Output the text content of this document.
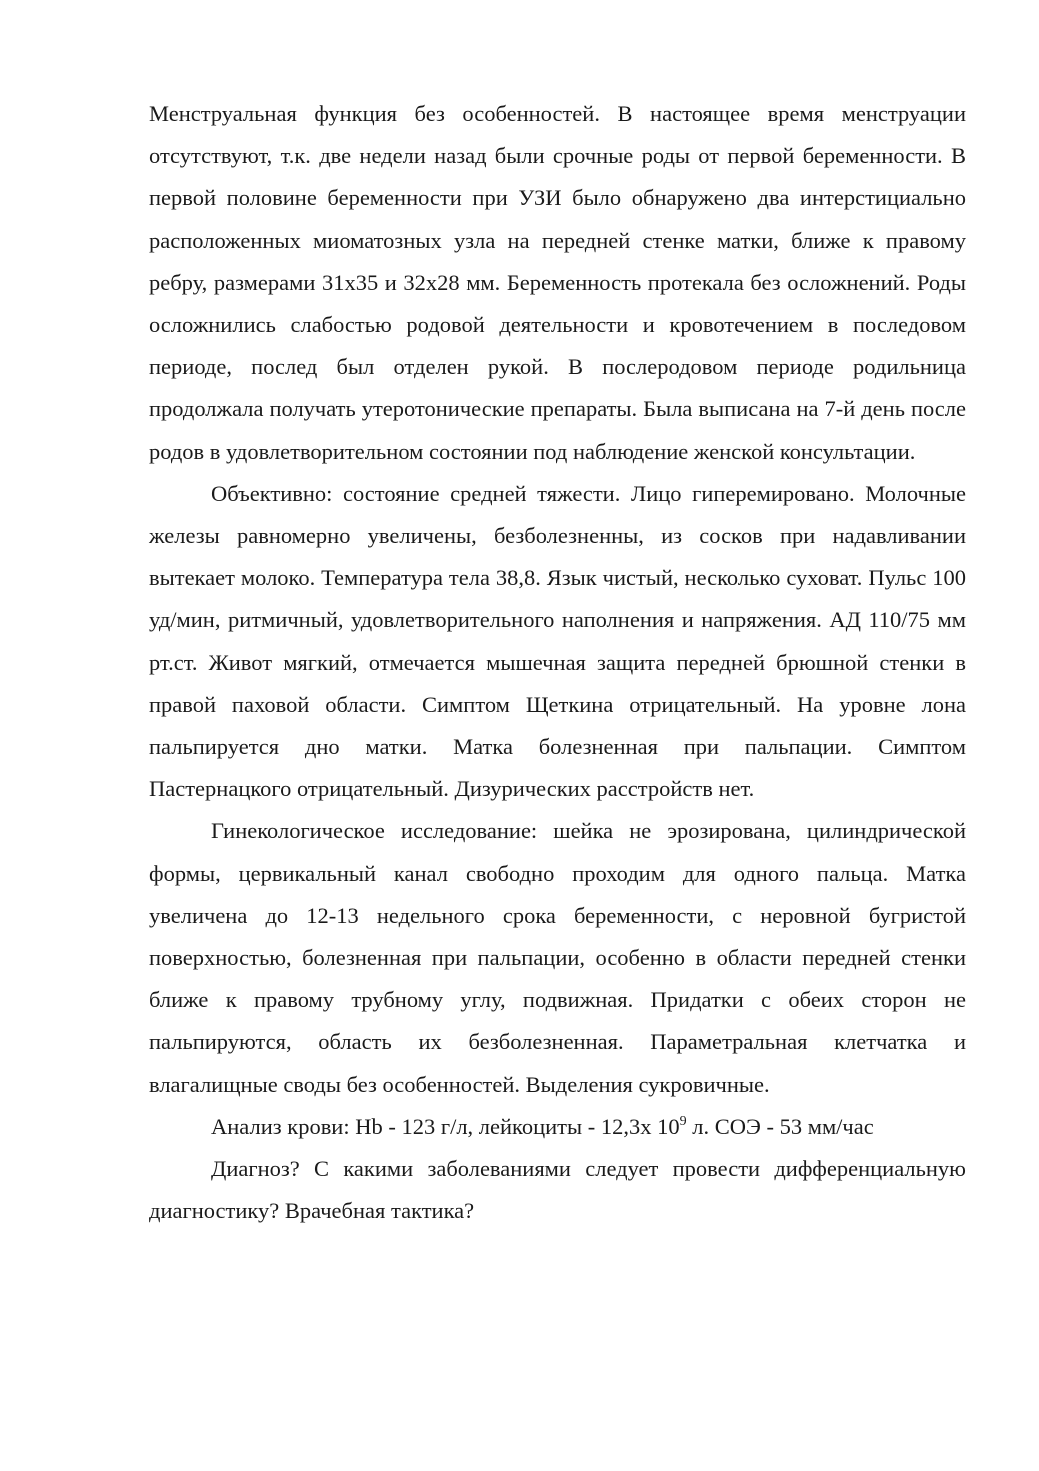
Менструальная функция без особенностей. В настоящее время менструации отсутствуют, т.к. две недели назад были срочные роды от первой беременности. В первой половине беременности при УЗИ было обнаружено два интерстициально расположенных миоматозных узла на передней стенке матки, ближе к правому ребру, размерами 31х35 и 32х28 мм. Беременность протекала без осложнений. Роды осложнились слабостью родовой деятельности и кровотечением в последовом периоде, послед был отделен рукой. В послеродовом периоде родильница продолжала получать утеротонические препараты. Была выписана на 7-й день после родов в удовлетворительном состоянии под наблюдение женской консультации.

Объективно: состояние средней тяжести. Лицо гиперемировано. Молочные железы равномерно увеличены, безболезненны, из сосков при надавливании вытекает молоко. Температура тела 38,8. Язык чистый, несколько суховат. Пульс 100 уд/мин, ритмичный, удовлетворительного наполнения и напряжения. АД 110/75 мм рт.ст. Живот мягкий, отмечается мышечная защита передней брюшной стенки в правой паховой области. Симптом Щеткина отрицательный. На уровне лона пальпируется дно матки. Матка болезненная при пальпации. Симптом Пастернацкого отрицательный. Дизурических расстройств нет.

Гинекологическое исследование: шейка не эрозирована, цилиндрической формы, цервикальный канал свободно проходим для одного пальца. Матка увеличена до 12-13 недельного срока беременности, с неровной бугристой поверхностью, болезненная при пальпации, особенно в области передней стенки ближе к правому трубному углу, подвижная. Придатки с обеих сторон не пальпируются, область их безболезненная. Параметральная клетчатка и влагалищные своды без особенностей. Выделения сукровичные.

Анализ крови: Hb - 123 г/л, лейкоциты - 12,3х $10^9$ л. СОЭ - 53 мм/час

Диагноз? С какими заболеваниями следует провести дифференциальную диагностику? Врачебная тактика?
